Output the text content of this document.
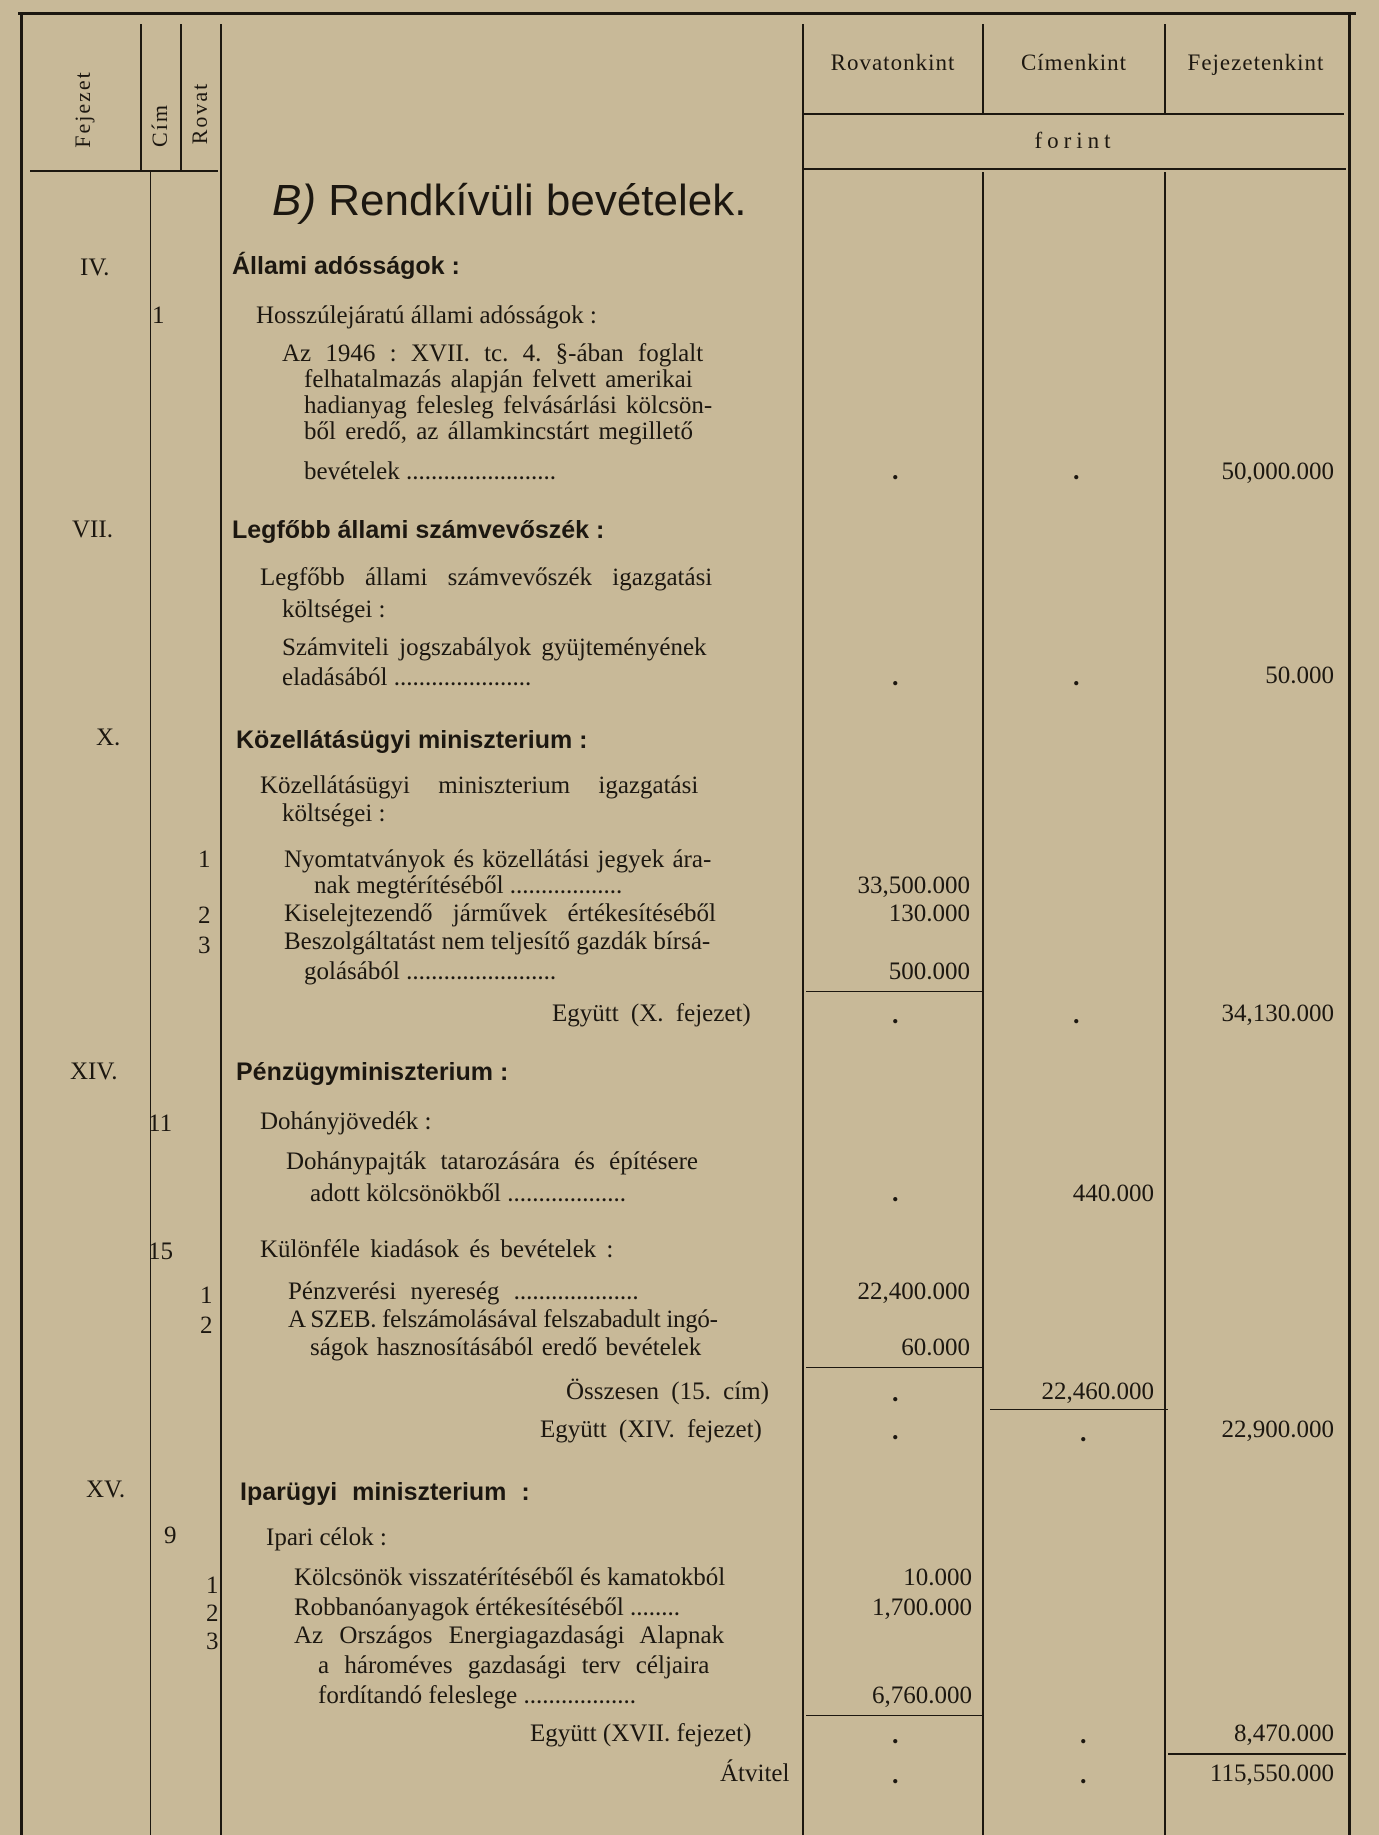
Fejezet Cím Rovat
Rovatonkint	Címenkint	Fejezetenkint
forint
B) Rendkívüli bevételek.
IV.	Állami adósságok :
1	Hosszúlejáratú állami adósságok :
Az 1946 : XVII. tc. 4. §-ában foglalt
felhatalmazás alapján felvett amerikai
hadianyag felesleg felvásárlási kölcsön-
ből eredő, az államkincstárt megillető
bevételek ........................	.	.	50,000.000
VII.	Legfőbb állami számvevőszék :
Legfőbb állami számvevőszék igazgatási
költségei :
Számviteli jogszabályok gyüjteményének
eladásából ......................	.	.	50.000
X.	Közellátásügyi miniszterium :
Közellátásügyi miniszterium igazgatási
költségei :
1	Nyomtatványok és közellátási jegyek ára-
nak megtérítéséből ..................	33,500.000
2	Kiselejtezendő járművek értékesítéséből	130.000
3	Beszolgáltatást nem teljesítő gazdák bírsá-
golásából ........................	500.000
Együtt (X. fejezet)	.	.	34,130.000
XIV.	Pénzügyminiszterium :
11	Dohányjövedék :
Dohánypajták tatarozására és építésere
adott kölcsönökből ...................	.	440.000
15	Különféle kiadások és bevételek :
1	Pénzverési nyereség ....................	22,400.000
2	A SZEB. felszámolásával felszabadult ingó-
ságok hasznosításából eredő bevételek	60.000
Összesen (15. cím)	.	22,460.000
Együtt (XIV. fejezet)	.	.	22,900.000
XV.	Iparügyi miniszterium :
9	Ipari célok :
1	Kölcsönök visszatérítéséből és kamatokból	10.000
2	Robbanóanyagok értékesítéséből ........	1,700.000
3	Az Országos Energiagazdasági Alapnak
a hároméves gazdasági terv céljaira
fordítandó feleslege ..................	6,760.000
Együtt (XVII. fejezet)	.	.	8,470.000
Átvitel	.	.	115,550.000
